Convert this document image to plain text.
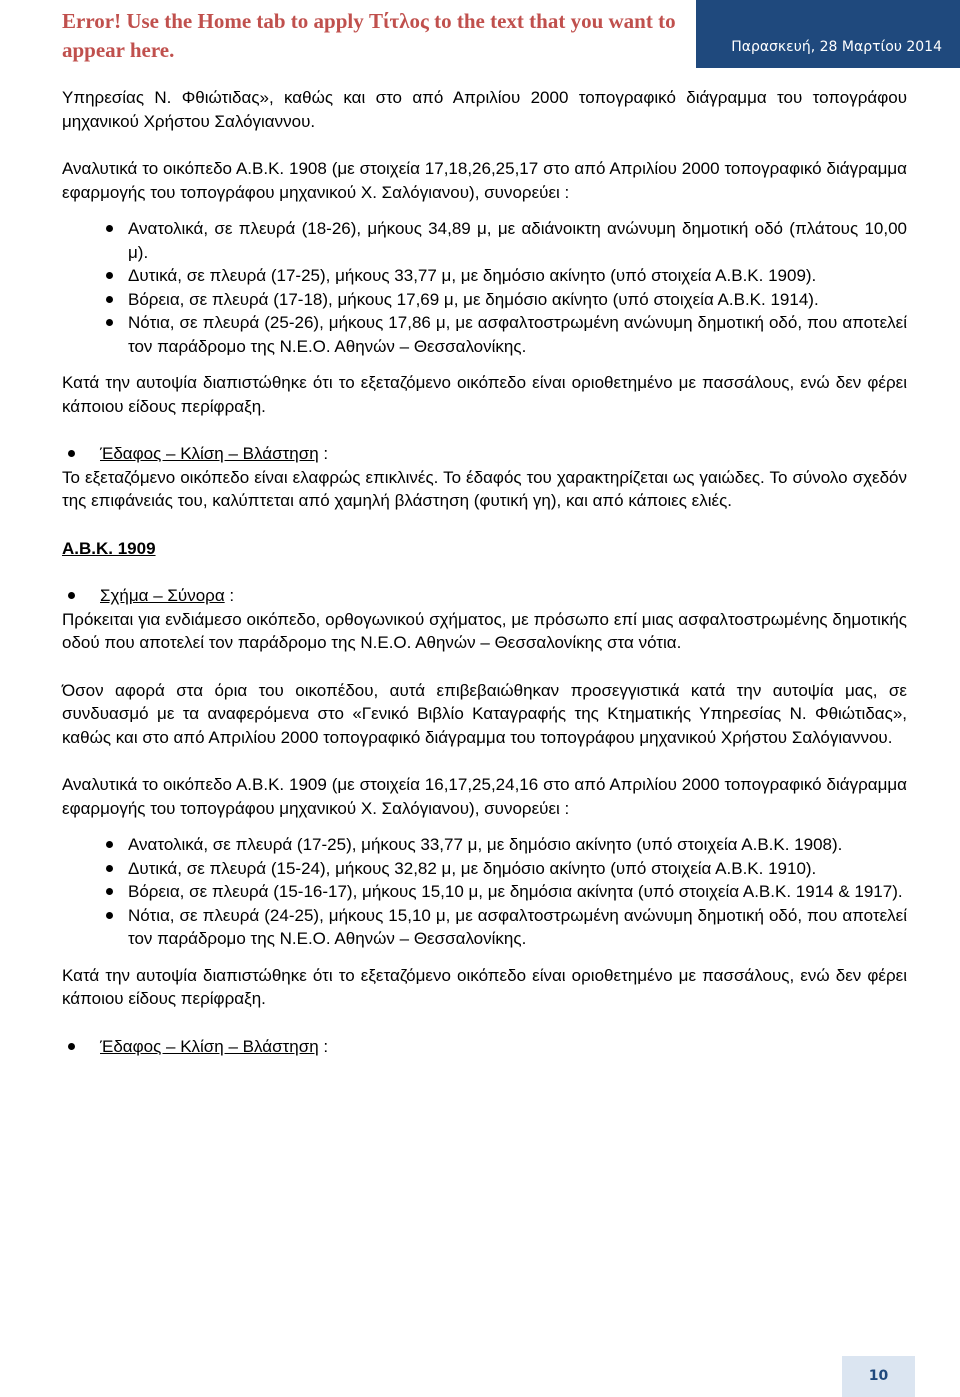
Error! Use the Home tab to apply Τίτλος to the text that you want to appear here.	Παρασκευή, 28 Μαρτίου 2014

Υπηρεσίας Ν. Φθιώτιδας», καθώς και στο από Απριλίου 2000 τοπογραφικό διάγραμμα του τοπογράφου μηχανικού Χρήστου Σαλόγιαννου.

Αναλυτικά το οικόπεδο Α.Β.Κ. 1908 (με στοιχεία 17,18,26,25,17 στο από Απριλίου 2000 τοπογραφικό διάγραμμα εφαρμογής του τοπογράφου μηχανικού Χ. Σαλόγιανου), συνορεύει :

Ανατολικά, σε πλευρά (18-26), μήκους 34,89 μ, με αδιάνοικτη ανώνυμη δημοτική οδό (πλάτους 10,00 μ).
Δυτικά, σε πλευρά (17-25), μήκους 33,77 μ, με δημόσιο ακίνητο (υπό στοιχεία Α.Β.Κ. 1909).
Βόρεια, σε πλευρά (17-18), μήκους 17,69 μ, με δημόσιο ακίνητο (υπό στοιχεία Α.Β.Κ. 1914).
Νότια, σε πλευρά (25-26), μήκους 17,86 μ, με ασφαλτοστρωμένη ανώνυμη δημοτική οδό, που αποτελεί τον παράδρομο της Ν.Ε.Ο. Αθηνών – Θεσσαλονίκης.

Κατά την αυτοψία διαπιστώθηκε ότι το εξεταζόμενο οικόπεδο είναι οριοθετημένο με πασσάλους, ενώ δεν φέρει κάποιου είδους περίφραξη.

Έδαφος – Κλίση – Βλάστηση :

Το εξεταζόμενο οικόπεδο είναι ελαφρώς επικλινές. Το έδαφός του χαρακτηρίζεται ως γαιώδες. Το σύνολο σχεδόν της επιφάνειάς του, καλύπτεται από χαμηλή βλάστηση (φυτική γη), και από κάποιες ελιές.

Α.Β.Κ. 1909

Σχήμα – Σύνορα :

Πρόκειται για ενδιάμεσο οικόπεδο, ορθογωνικού σχήματος, με πρόσωπο επί μιας ασφαλτοστρωμένης δημοτικής οδού που αποτελεί τον παράδρομο της Ν.Ε.Ο. Αθηνών – Θεσσαλονίκης στα νότια.

Όσον αφορά στα όρια του οικοπέδου, αυτά επιβεβαιώθηκαν προσεγγιστικά κατά την αυτοψία μας, σε συνδυασμό με τα αναφερόμενα στο «Γενικό Βιβλίο Καταγραφής της Κτηματικής Υπηρεσίας Ν. Φθιώτιδας», καθώς και στο από Απριλίου 2000 τοπογραφικό διάγραμμα του τοπογράφου μηχανικού Χρήστου Σαλόγιαννου.

Αναλυτικά το οικόπεδο Α.Β.Κ. 1909 (με στοιχεία 16,17,25,24,16 στο από Απριλίου 2000 τοπογραφικό διάγραμμα εφαρμογής του τοπογράφου μηχανικού Χ. Σαλόγιανου), συνορεύει :

Ανατολικά, σε πλευρά (17-25), μήκους 33,77 μ, με δημόσιο ακίνητο (υπό στοιχεία Α.Β.Κ. 1908).
Δυτικά, σε πλευρά (15-24), μήκους 32,82 μ, με δημόσιο ακίνητο (υπό στοιχεία Α.Β.Κ. 1910).
Βόρεια, σε πλευρά (15-16-17), μήκους 15,10 μ, με δημόσια ακίνητα (υπό στοιχεία Α.Β.Κ. 1914 & 1917).
Νότια, σε πλευρά (24-25), μήκους 15,10 μ, με ασφαλτοστρωμένη ανώνυμη δημοτική οδό, που αποτελεί τον παράδρομο της Ν.Ε.Ο. Αθηνών – Θεσσαλονίκης.

Κατά την αυτοψία διαπιστώθηκε ότι το εξεταζόμενο οικόπεδο είναι οριοθετημένο με πασσάλους, ενώ δεν φέρει κάποιου είδους περίφραξη.

Έδαφος – Κλίση – Βλάστηση :
10
